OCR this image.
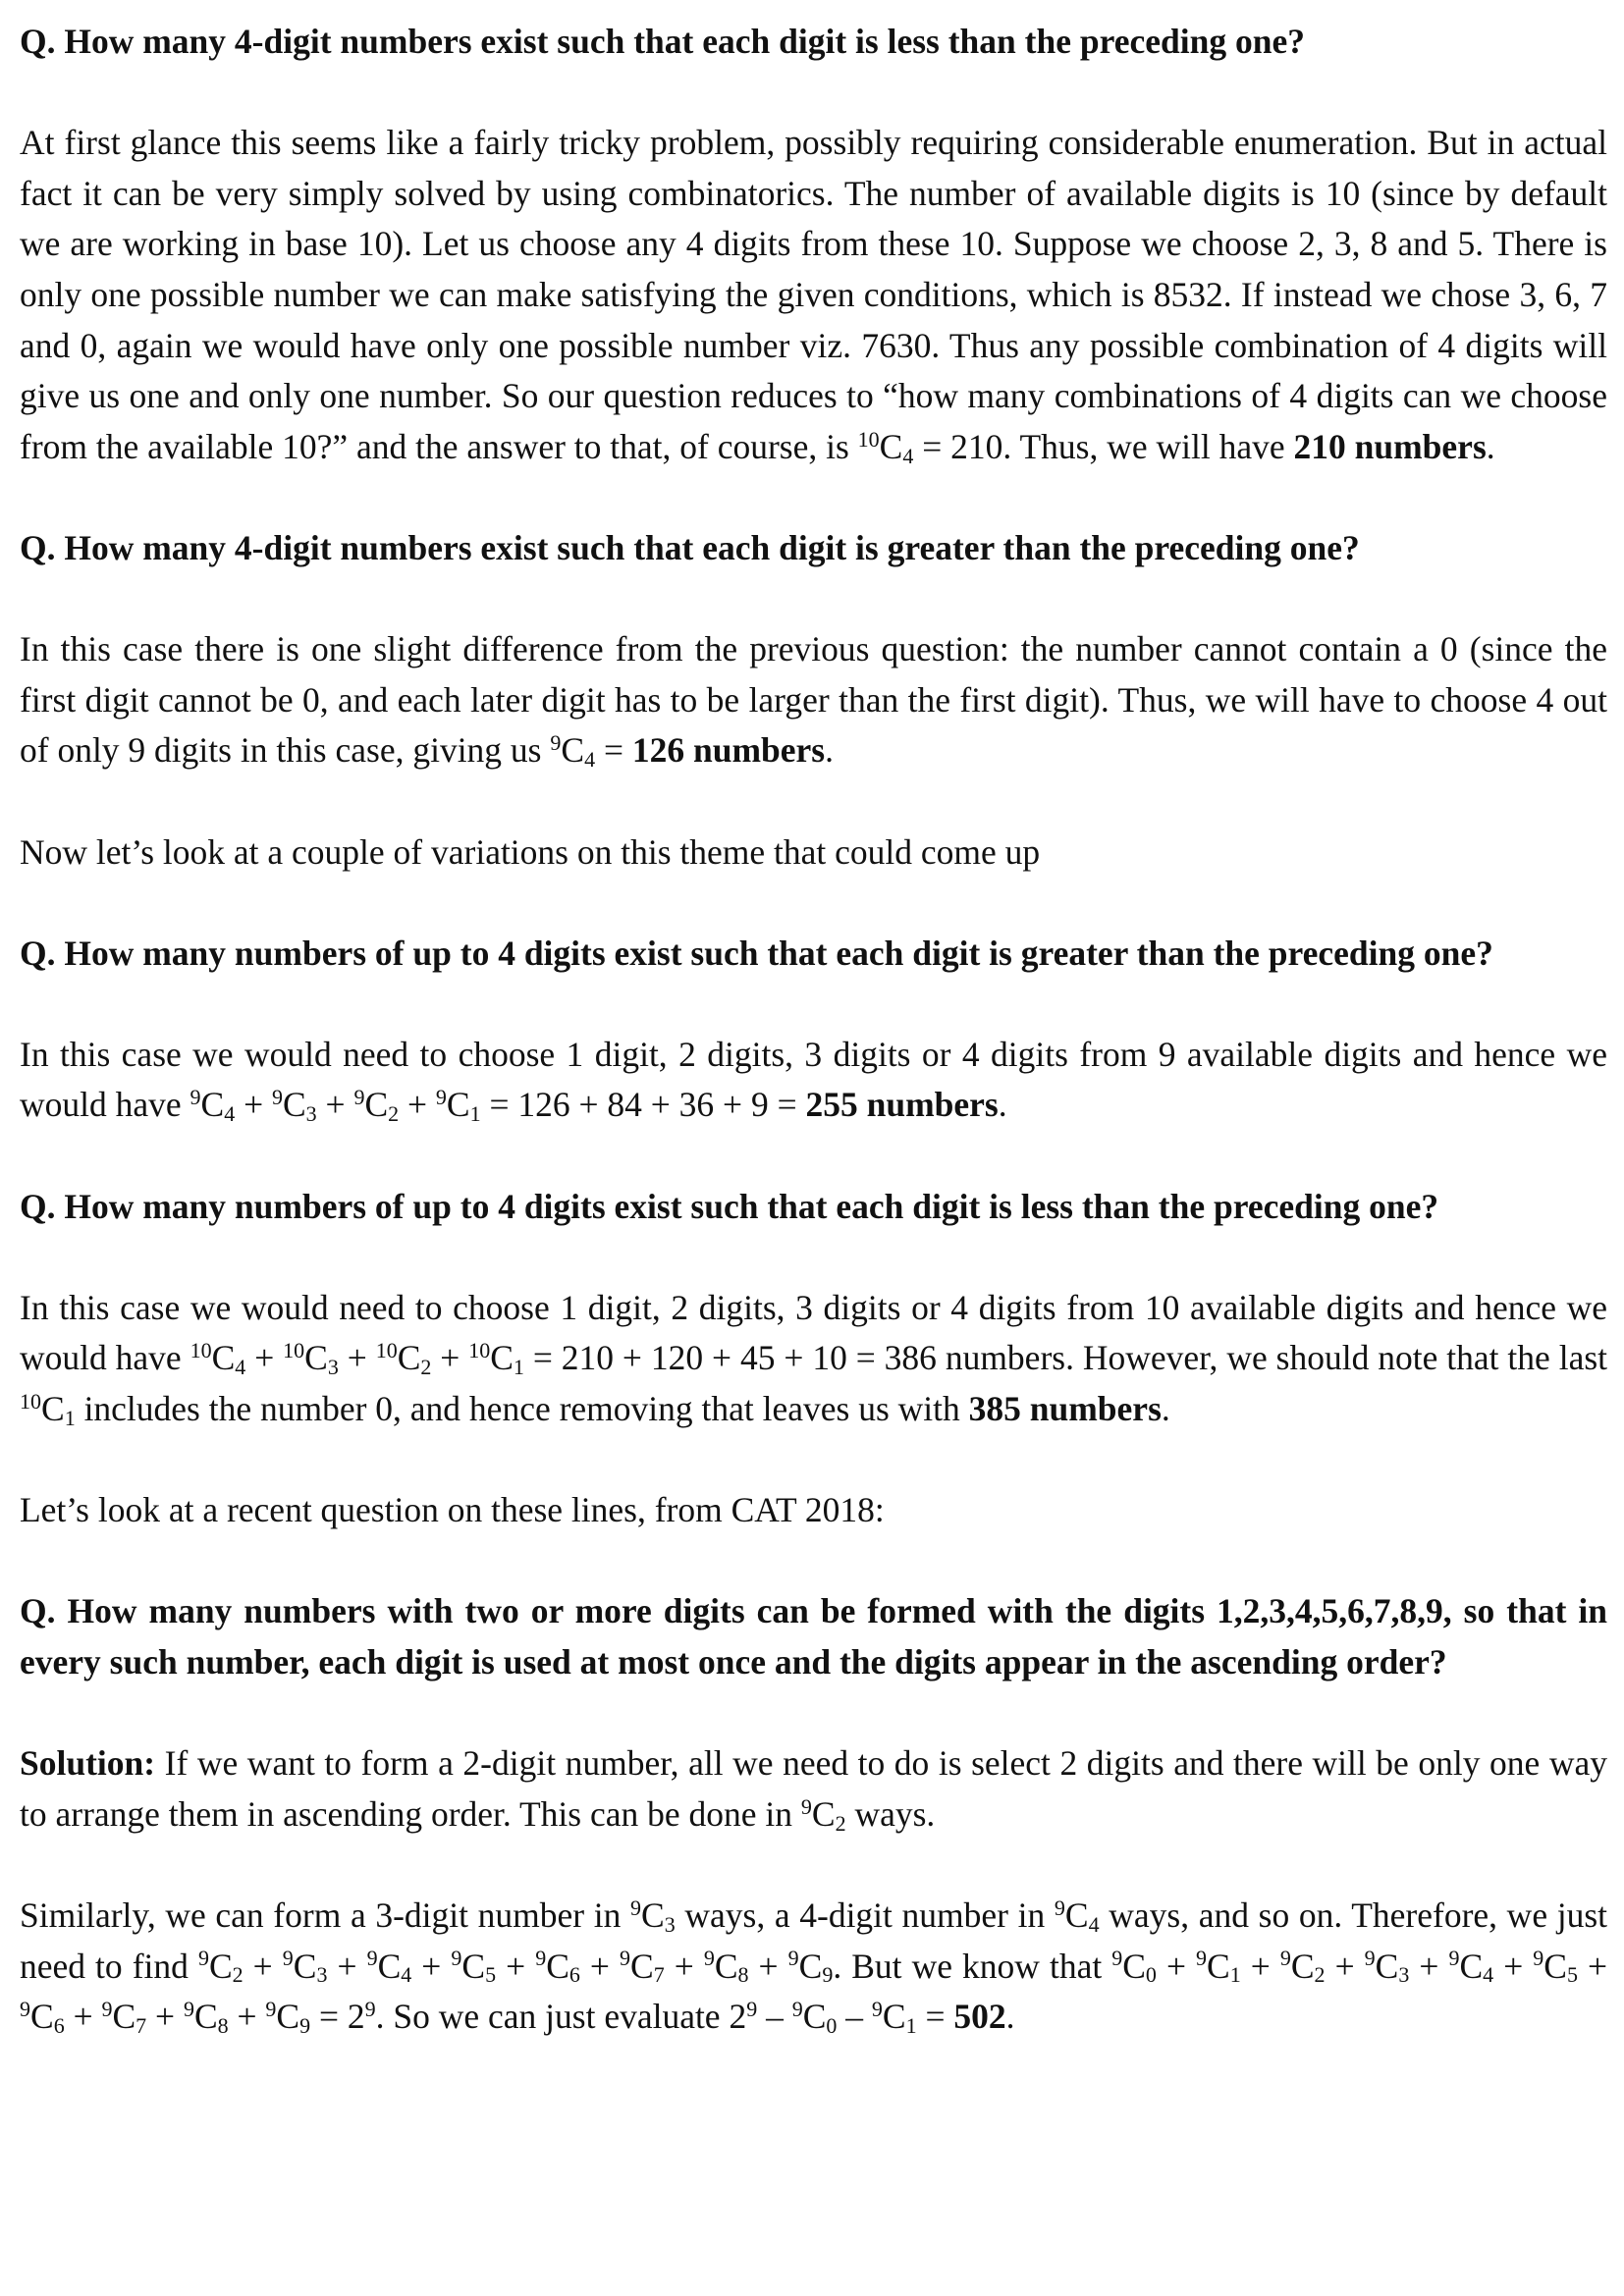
Q. How many 4-digit numbers exist such that each digit is less than the preceding one?

At first glance this seems like a fairly tricky problem, possibly requiring considerable enumeration. But in actual fact it can be very simply solved by using combinatorics. The number of available digits is 10 (since by default we are working in base 10). Let us choose any 4 digits from these 10. Suppose we choose 2, 3, 8 and 5. There is only one possible number we can make satisfying the given conditions, which is 8532. If instead we chose 3, 6, 7 and 0, again we would have only one possible number viz. 7630. Thus any possible combination of 4 digits will give us one and only one number. So our question reduces to “how many combinations of 4 digits can we choose from the available 10?” and the answer to that, of course, is $^{10}C_4 = 210$. Thus, we will have 210 numbers.

Q. How many 4-digit numbers exist such that each digit is greater than the preceding one?

In this case there is one slight difference from the previous question: the number cannot contain a 0 (since the first digit cannot be 0, and each later digit has to be larger than the first digit). Thus, we will have to choose 4 out of only 9 digits in this case, giving us $^9C_4 = 126$ numbers.

Now let’s look at a couple of variations on this theme that could come up

Q. How many numbers of up to 4 digits exist such that each digit is greater than the preceding one?

In this case we would need to choose 1 digit, 2 digits, 3 digits or 4 digits from 9 available digits and hence we would have $^9C_4 + ^9C_3 + ^9C_2 + ^9C_1 = 126 + 84 + 36 + 9 = 255$ numbers.

Q. How many numbers of up to 4 digits exist such that each digit is less than the preceding one?

In this case we would need to choose 1 digit, 2 digits, 3 digits or 4 digits from 10 available digits and hence we would have $^{10}C_4 + ^{10}C_3 + ^{10}C_2 + ^{10}C_1 = 210 + 120 + 45 + 10 = 386$ numbers. However, we should note that the last $^{10}C_1$ includes the number 0, and hence removing that leaves us with 385 numbers.

Let’s look at a recent question on these lines, from CAT 2018:

Q. How many numbers with two or more digits can be formed with the digits 1,2,3,4,5,6,7,8,9, so that in every such number, each digit is used at most once and the digits appear in the ascending order?

Solution: If we want to form a 2-digit number, all we need to do is select 2 digits and there will be only one way to arrange them in ascending order. This can be done in $^9C_2$ ways.

Similarly, we can form a 3-digit number in $^9C_3$ ways, a 4-digit number in $^9C_4$ ways, and so on. Therefore, we just need to find $^9C_2 + ^9C_3 + ^9C_4 + ^9C_5 + ^9C_6 + ^9C_7 + ^9C_8 + ^9C_9$. But we know that $^9C_0 + ^9C_1 + ^9C_2 + ^9C_3 + ^9C_4 + ^9C_5 + ^9C_6 + ^9C_7 + ^9C_8 + ^9C_9 = 2^9$. So we can just evaluate $2^9 - ^9C_0 - ^9C_1 = 502$.
